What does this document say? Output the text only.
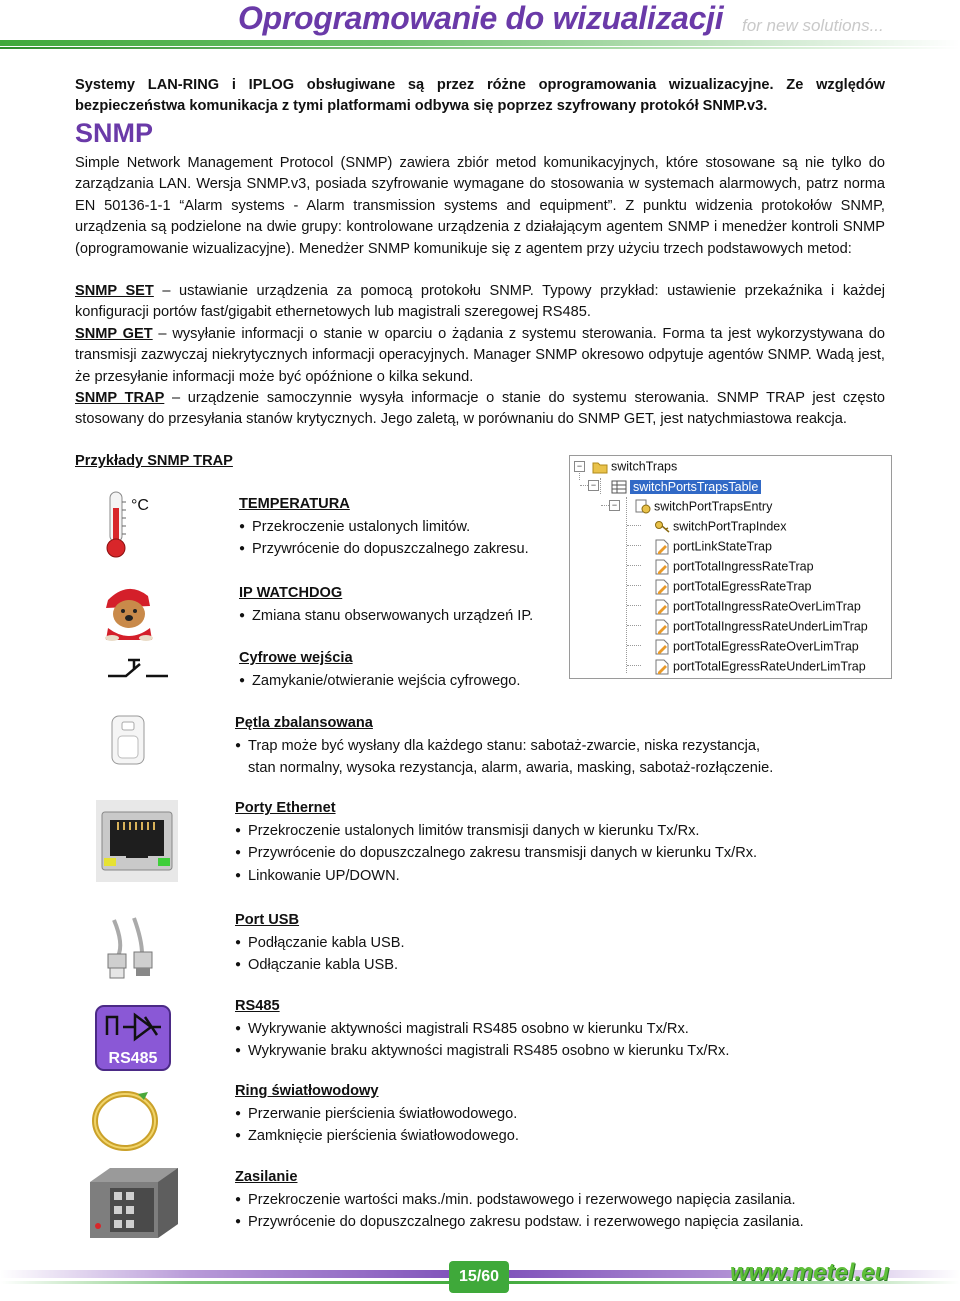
Oprogramowanie do wizualizacji for new solutions...

Systemy LAN-RING i IPLOG obsługiwane są przez różne oprogramowania wizualizacyjne. Ze względów bezpieczeństwa komunikacja z tymi platformami odbywa się poprzez szyfrowany protokół SNMP.v3.

SNMP

Simple Network Management Protocol (SNMP) zawiera zbiór metod komunikacyjnych, które stosowane są nie tylko do zarządzania LAN. Wersja SNMP.v3, posiada szyfrowanie wymagane do stosowania w systemach alarmowych, patrz norma EN 50136-1-1 “Alarm systems - Alarm transmission systems and equipment”. Z punktu widzenia protokołów SNMP, urządzenia są podzielone na dwie grupy: kontrolowane urządzenia z działającym agentem SNMP i menedżer kontroli SNMP (oprogramowanie wizualizacyjne). Menedżer SNMP komunikuje się z agentem przy użyciu trzech podstawowych metod:

SNMP SET – ustawianie urządzenia za pomocą protokołu SNMP. Typowy przykład: ustawienie przekaźnika i każdej konfiguracji portów fast/gigabit ethernetowych lub magistrali szeregowej RS485.

SNMP GET – wysyłanie informacji o stanie w oparciu o żądania z systemu sterowania. Forma ta jest wykorzystywana do transmisji zazwyczaj niekrytycznych informacji operacyjnych. Manager SNMP okresowo odpytuje agentów SNMP. Wadą jest, że przesyłanie informacji może być opóźnione o kilka sekund.

SNMP TRAP – urządzenie samoczynnie wysyła informacje o stanie do systemu sterowania. SNMP TRAP jest często stosowany do przesyłania stanów krytycznych. Jego zaletą, w porównaniu do SNMP GET, jest natychmiastowa reakcja.

Przykłady SNMP TRAP	−	switchTraps
−	switchPortsTrapsTable
−	switchPortTrapsEntry
switchPortTrapIndex
portLinkStateTrap
portTotalIngressRateTrap
portTotalEgressRateTrap
portTotalIngressRateOverLimTrap
portTotalIngressRateUnderLimTrap
portTotalEgressRateOverLimTrap
portTotalEgressRateUnderLimTrap
°C
RS485

TEMPERATURA

● Przekroczenie ustalonych limitów.
● Przywrócenie do dopuszczalnego zakresu.

IP WATCHDOG

● Zmiana stanu obserwowanych urządzeń IP.

Cyfrowe wejścia

● Zamykanie/otwieranie wejścia cyfrowego.

Pętla zbalansowana

● Trap może być wysłany dla każdego stanu: sabotaż-zwarcie, niska rezystancja,
stan normalny, wysoka rezystancja, alarm, awaria, masking, sabotaż-rozłączenie.

Porty Ethernet

● Przekroczenie ustalonych limitów transmisji danych w kierunku Tx/Rx.
● Przywrócenie do dopuszczalnego zakresu transmisji danych w kierunku Tx/Rx.
● Linkowanie UP/DOWN.

Port USB

● Podłączanie kabla USB.
● Odłączanie kabla USB.

RS485

● Wykrywanie aktywności magistrali RS485 osobno w kierunku Tx/Rx.
● Wykrywanie braku aktywności magistrali RS485 osobno w kierunku Tx/Rx.

Ring światłowodowy

● Przerwanie pierścienia światłowodowego.
● Zamknięcie pierścienia światłowodowego.

Zasilanie

● Przekroczenie wartości maks./min. podstawowego i rezerwowego napięcia zasilania.
● Przywrócenie do dopuszczalnego zakresu podstaw. i rezerwowego napięcia zasilania.
15/60	www.metel.eu
